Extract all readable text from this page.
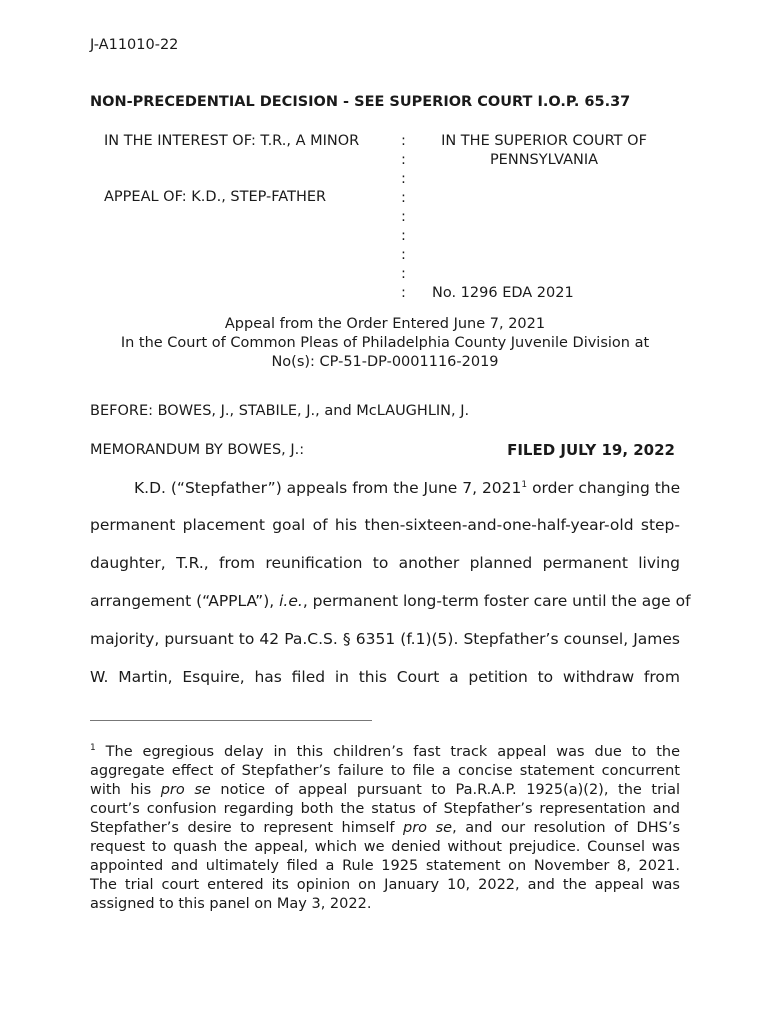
J-A11010-22
NON-PRECEDENTIAL DECISION - SEE SUPERIOR COURT I.O.P. 65.37
IN THE INTEREST OF: T.R., A MINOR
APPEAL OF: K.D., STEP-FATHER
:
:
:
:
:
:
:
:
:
IN THE SUPERIOR COURT OF
PENNSYLVANIA
No. 1296 EDA 2021
Appeal from the Order Entered June 7, 2021
In the Court of Common Pleas of Philadelphia County Juvenile Division at
No(s): CP-51-DP-0001116-2019
BEFORE: BOWES, J., STABILE, J., and McLAUGHLIN, J.
MEMORANDUM BY BOWES, J.:	FILED JULY 19, 2022
K.D. (“Stepfather”) appeals from the June 7, 2021$^1$ order changing the
permanent placement goal of his then-sixteen-and-one-half-year-old step-
daughter, T.R., from reunification to another planned permanent living
arrangement (“APPLA”), i.e., permanent long-term foster care until the age of
majority, pursuant to 42 Pa.C.S. § 6351 (f.1)(5). Stepfather’s counsel, James
W. Martin, Esquire, has filed in this Court a petition to withdraw from
$^1$ The egregious delay in this children’s fast track appeal was due to the
aggregate effect of Stepfather’s failure to file a concise statement concurrent
with his pro se notice of appeal pursuant to Pa.R.A.P. 1925(a)(2), the trial
court’s confusion regarding both the status of Stepfather’s representation and
Stepfather’s desire to represent himself pro se, and our resolution of DHS’s
request to quash the appeal, which we denied without prejudice. Counsel was
appointed and ultimately filed a Rule 1925 statement on November 8, 2021.
The trial court entered its opinion on January 10, 2022, and the appeal was
assigned to this panel on May 3, 2022.
